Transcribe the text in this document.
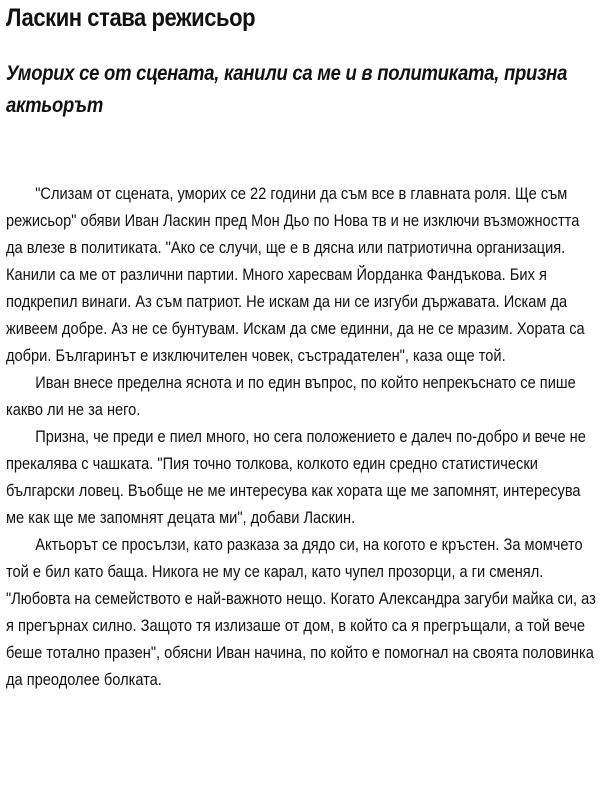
Ласкин става режисьор
Уморих се от сцената, канили са ме и в политиката, призна актьорът

"Слизам от сцената, уморих се 22 години да съм все в главната роля. Ще съм режисьор" обяви Иван Ласкин пред Мон Дьо по Нова тв и не изключи възможността да влезе в политиката. "Ако се случи, ще е в дясна или патриотична организация. Канили са ме от различни партии. Много харесвам Йорданка Фандъкова. Бих я подкрепил винаги. Аз съм патриот. Не искам да ни се изгуби държавата. Искам да живеем добре. Аз не се бунтувам. Искам да сме единни, да не се мразим. Хората са добри. Българинът е изключителен човек, състрадателен", каза още той.

Иван внесе пределна яснота и по един въпрос, по който непрекъснато се пише какво ли не за него.

Призна, че преди е пиел много, но сега положението е далеч по-добро и вече не прекалява с чашката. "Пия точно толкова, колкото един средно статистически български ловец. Въобще не ме интересува как хората ще ме запомнят, интересува ме как ще ме запомнят децата ми", добави Ласкин.

Актьорът се просълзи, като разказа за дядо си, на когото е кръстен. За момчето той е бил като баща. Никога не му се карал, като чупел прозорци, а ги сменял. "Любовта на семейството е най-важното нещо. Когато Александра загуби майка си, аз я прегърнах силно. Защото тя излизаше от дом, в който са я прегръщали, а той вече беше тотално празен", обясни Иван начина, по който е помогнал на своята половинка да преодолее болката.
